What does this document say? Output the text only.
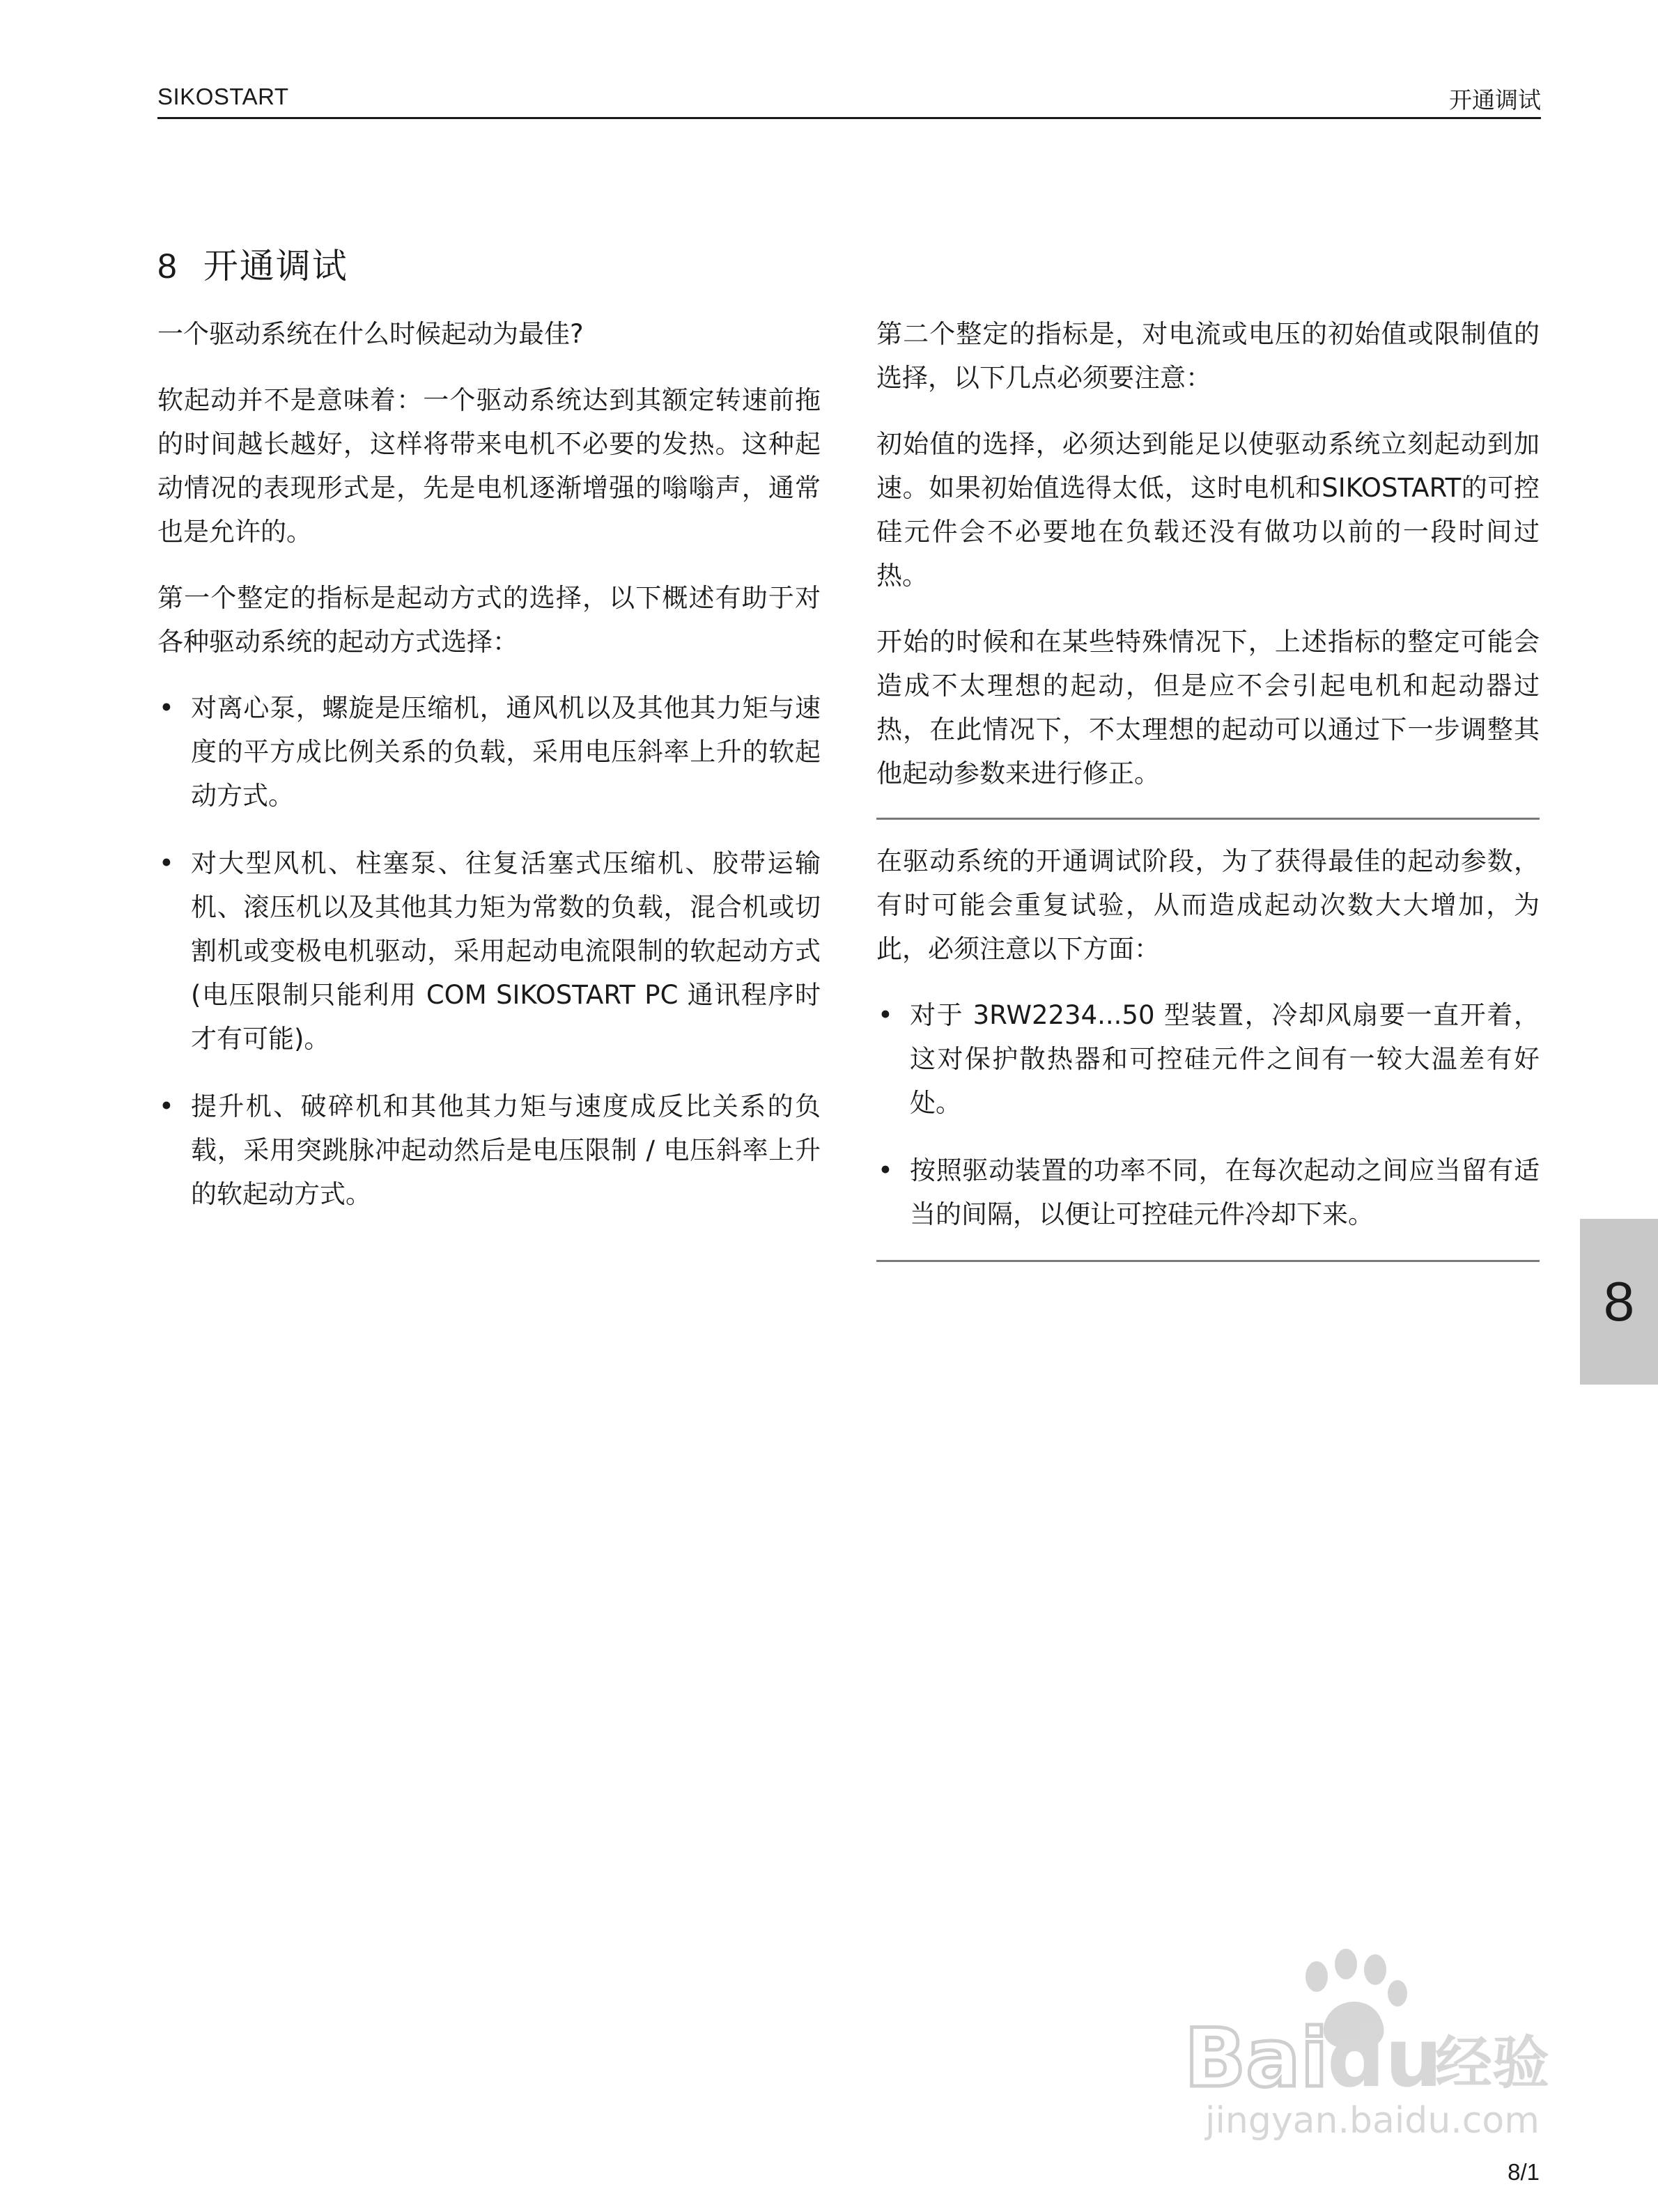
SIKOSTART	开通调试
8 开通调试

一个驱动系统在什么时候起动为最佳?

软起动并不是意味着：一个驱动系统达到其额定转速前拖的时间越长越好，这样将带来电机不必要的发热。这种起动情况的表现形式是，先是电机逐渐增强的嗡嗡声，通常也是允许的。

第一个整定的指标是起动方式的选择，以下概述有助于对各种驱动系统的起动方式选择：

• 对离心泵，螺旋是压缩机，通风机以及其他其力矩与速度的平方成比例关系的负载，采用电压斜率上升的软起动方式。
• 对大型风机、柱塞泵、往复活塞式压缩机、胶带运输机、滚压机以及其他其力矩为常数的负载，混合机或切割机或变极电机驱动，采用起动电流限制的软起动方式(电压限制只能利用 COM SIKOSTART PC 通讯程序时才有可能)。
• 提升机、破碎机和其他其力矩与速度成反比关系的负载，采用突跳脉冲起动然后是电压限制 / 电压斜率上升的软起动方式。

第二个整定的指标是，对电流或电压的初始值或限制值的选择，以下几点必须要注意：

初始值的选择，必须达到能足以使驱动系统立刻起动到加速。如果初始值选得太低，这时电机和SIKOSTART的可控硅元件会不必要地在负载还没有做功以前的一段时间过热。

开始的时候和在某些特殊情况下，上述指标的整定可能会造成不太理想的起动，但是应不会引起电机和起动器过热，在此情况下，不太理想的起动可以通过下一步调整其他起动参数来进行修正。

在驱动系统的开通调试阶段，为了获得最佳的起动参数，有时可能会重复试验，从而造成起动次数大大增加，为此，必须注意以下方面：

• 对于 3RW2234...50 型装置，冷却风扇要一直开着，这对保护散热器和可控硅元件之间有一较大温差有好处。
• 按照驱动装置的功率不同，在每次起动之间应当留有适当的间隔，以便让可控硅元件冷却下来。
8
Bai
du
经验
jingyan.baidu.com
8/1
